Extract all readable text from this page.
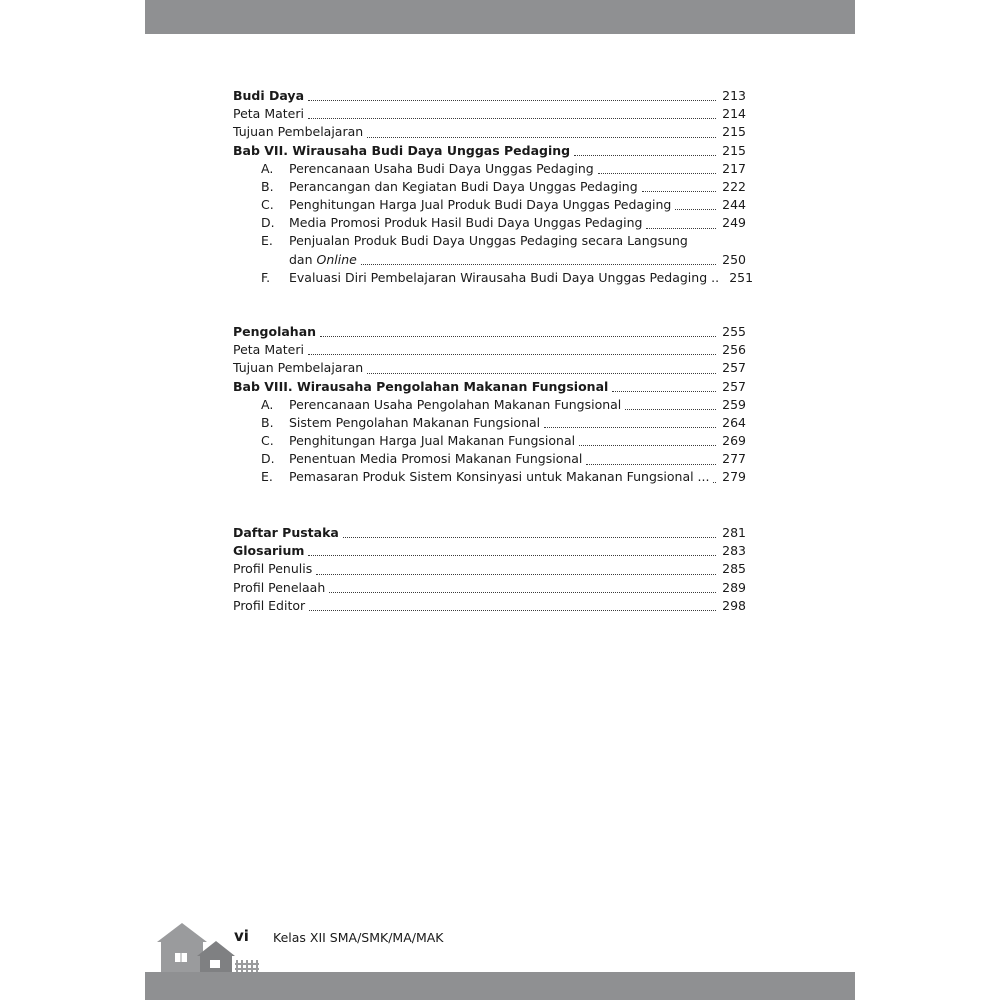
Budi Daya	213
Peta Materi	214
Tujuan Pembelajaran	215
Bab VII. Wirausaha Budi Daya Unggas Pedaging	215
A.	Perencanaan Usaha Budi Daya Unggas Pedaging	217
B.	Perancangan dan Kegiatan Budi Daya Unggas Pedaging	222
C.	Penghitungan Harga Jual Produk Budi Daya Unggas Pedaging	244
D.	Media Promosi Produk Hasil Budi Daya Unggas Pedaging	249
E.	Penjualan Produk Budi Daya Unggas Pedaging secara Langsung
dan Online	250
F.	Evaluasi Diri Pembelajaran Wirausaha Budi Daya Unggas Pedaging .. 251
Pengolahan	255
Peta Materi	256
Tujuan Pembelajaran	257
Bab VIII. Wirausaha Pengolahan Makanan Fungsional	257
A.	Perencanaan Usaha Pengolahan Makanan Fungsional	259
B.	Sistem Pengolahan Makanan Fungsional	264
C.	Penghitungan Harga Jual Makanan Fungsional	269
D.	Penentuan Media Promosi Makanan Fungsional	277
E.	Pemasaran Produk Sistem Konsinyasi untuk Makanan Fungsional ... 279
Daftar Pustaka	281
Glosarium	283
Profil Penulis	285
Profil Penelaah	289
Profil Editor	298
vi Kelas XII SMA/SMK/MA/MAK
